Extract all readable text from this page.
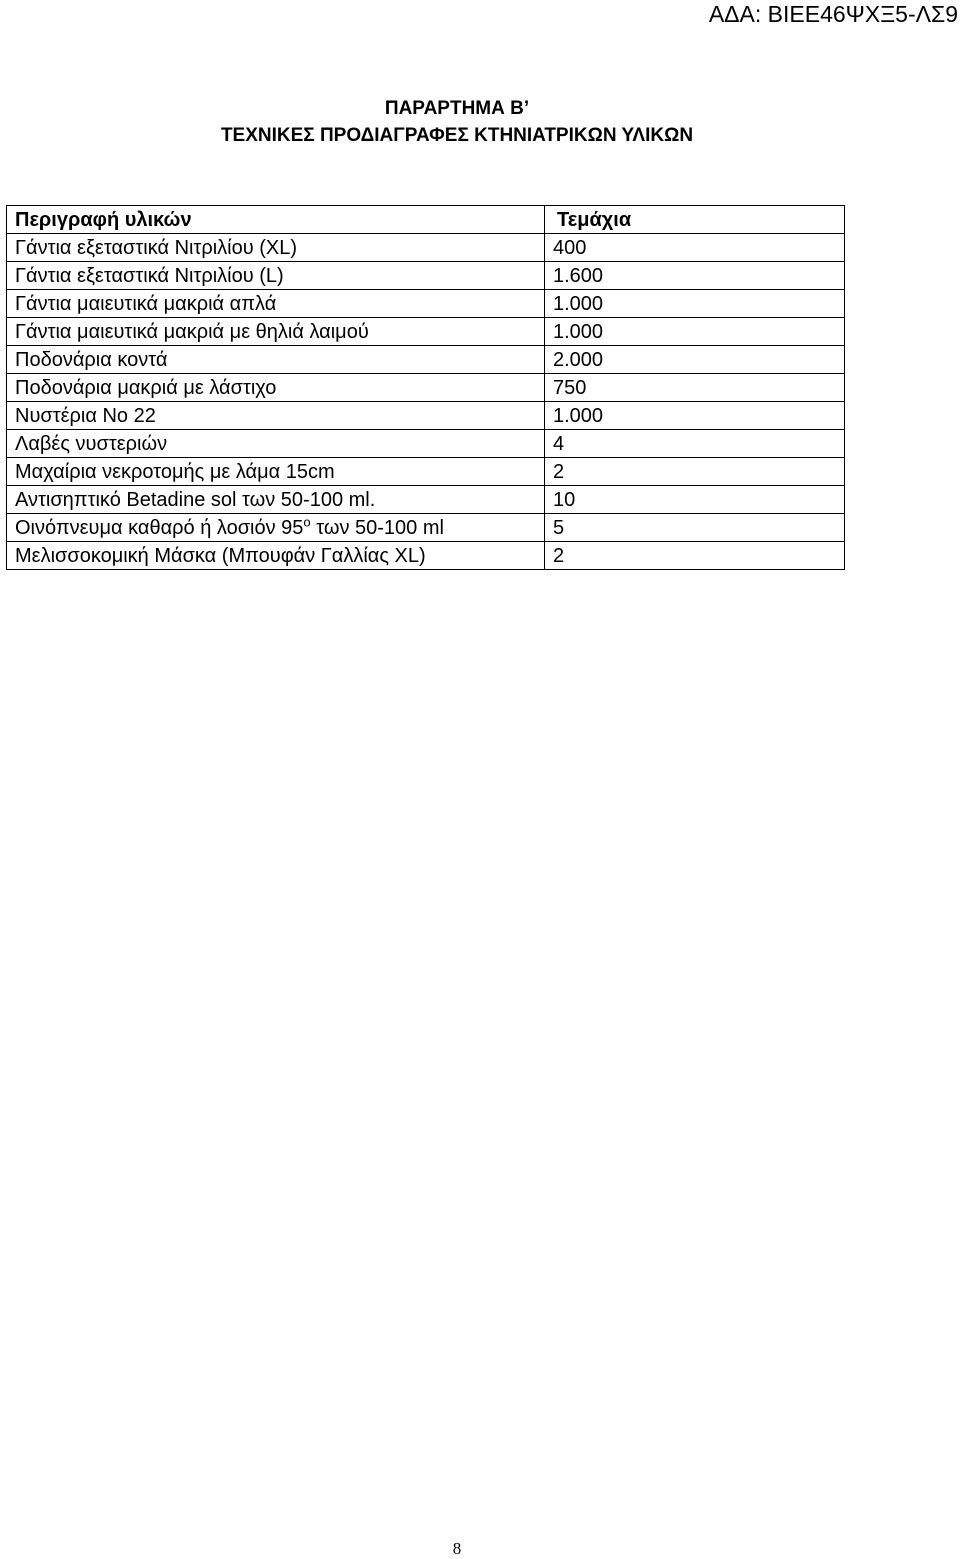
ΑΔΑ: ΒΙΕΕ46ΨΧΞ5-ΛΣ9
ΠΑΡΑΡΤΗΜΑ Β’
ΤΕΧΝΙΚΕΣ ΠΡΟΔΙΑΓΡΑΦΕΣ ΚΤΗΝΙΑΤΡΙΚΩΝ ΥΛΙΚΩΝ
Περιγραφή υλικών	Τεμάχια
Γάντια εξεταστικά Νιτριλίου (XL)	400
Γάντια εξεταστικά Νιτριλίου (L)	1.600
Γάντια μαιευτικά μακριά απλά	1.000
Γάντια μαιευτικά μακριά με θηλιά λαιμού	1.000
Ποδονάρια κοντά	2.000
Ποδονάρια μακριά με λάστιχο	750
Νυστέρια Νο 22	1.000
Λαβές νυστεριών	4
Μαχαίρια νεκροτομής με λάμα 15cm	2
Αντισηπτικό Betadine sol των 50-100 ml.	10
Οινόπνευμα καθαρό ή λοσιόν $95^o$ των 50-100 ml	5
Μελισσοκομική Μάσκα (Μπουφάν Γαλλίας XL)	2
8
